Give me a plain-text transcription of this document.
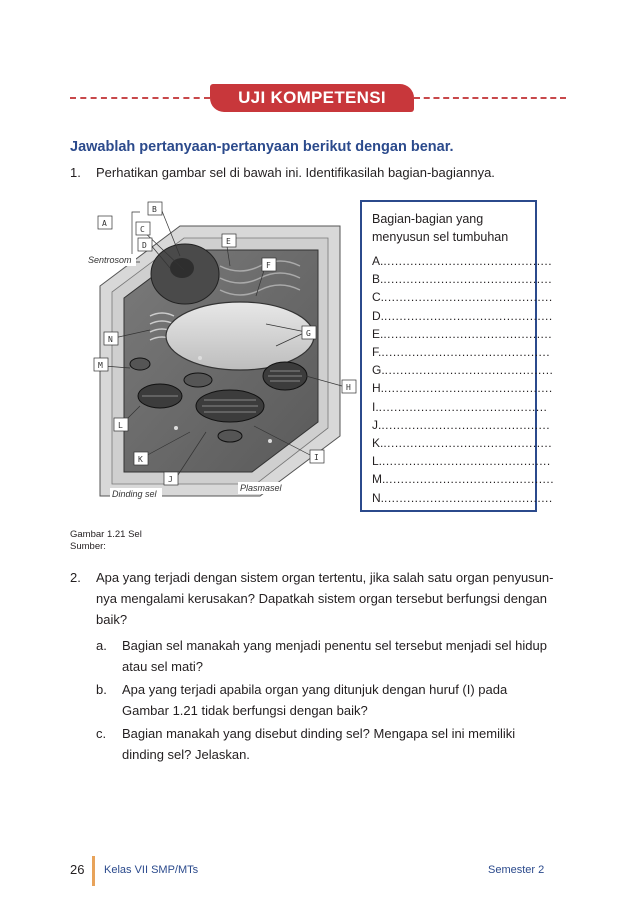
UJI KOMPETENSI
Jawablah pertanyaan-pertanyaan berikut dengan benar.
1. Perhatikan gambar sel di bawah ini. Identifikasilah bagian-bagiannya.
A
B
C
D	E
F
G
H
I
J
K
L
M
N
Sentrosom
Dinding sel
Plasmasel
Bagian-bagian yang
menyusun sel tumbuhan
A. ............................................
B. ............................................
C. ............................................
D. ............................................
E. ............................................
F. ............................................
G. ............................................
H. ............................................
I. ............................................
J. ............................................
K. ............................................
L. ............................................
M. ............................................
N. ............................................
Gambar 1.21 Sel
Sumber:
2. Apa yang terjadi dengan sistem organ tertentu, jika salah satu organ penyusun-
nya mengalami kerusakan? Dapatkah sistem organ tersebut berfungsi dengan
baik?
a. Bagian sel manakah yang menjadi penentu sel tersebut menjadi sel hidup
atau sel mati?
b. Apa yang terjadi apabila organ yang ditunjuk dengan huruf (I) pada
Gambar 1.21 tidak berfungsi dengan baik?
c. Bagian manakah yang disebut dinding sel? Mengapa sel ini memiliki
dinding sel? Jelaskan.
26 Kelas VII SMP/MTs	Semester 2
